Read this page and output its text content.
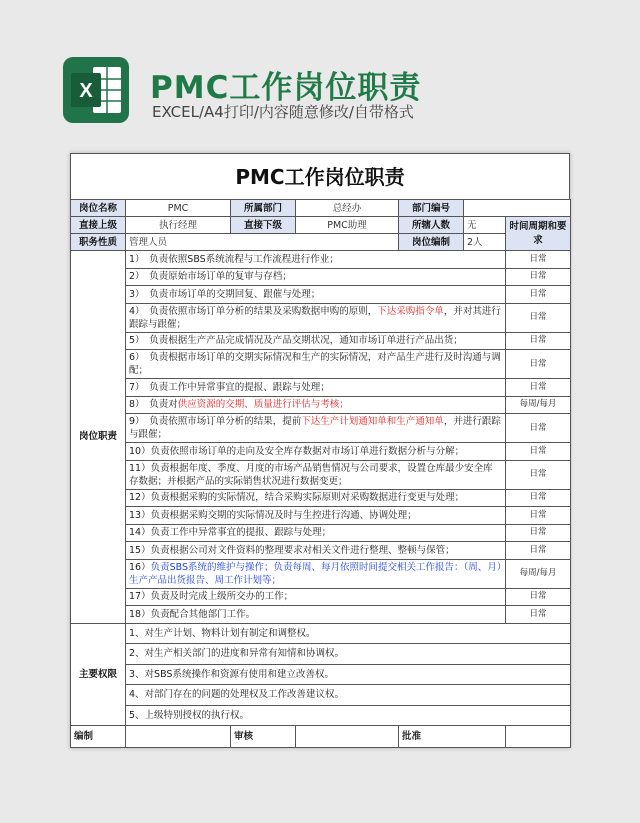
X PMC工作岗位职责
EXCEL/A4打印/内容随意修改/自带格式
PMC工作岗位职责
岗位名称	PMC	所属部门	总经办	部门编号		
直接上级	执行经理	直接下级	PMC助理	所辖人数	无	时间周期和要求
职务性质	管理人员			岗位编制	2人	
岗位职责	1）　负责依照SBS系统流程与工作流程进行作业；					日常
	2）　负责原始市场订单的复审与存档；					日常
	3）　负责市场订单的交期回复、跟催与处理；					日常
	4）　负责依照市场订单分析的结果及采购数据申购的原则，下达采购指令单，并对其进行跟踪与跟催；					日常
	5）　负责根据生产产品完成情况及产品交期状况，通知市场订单进行产品出货；					日常
	6）　负责根据市场订单的交期实际情况和生产的实际情况，对产品生产进行及时沟通与调配；					日常
	7）　负责工作中异常事宜的提报、跟踪与处理；					日常
	8）　负责对供应资源的交期、质量进行评估与考核；					每周/每月
	9）　负责依照市场订单分析的结果，提前下达生产计划通知单和生产通知单，并进行跟踪与跟催；					日常
	10）负责依照市场订单的走向及安全库存数据对市场订单进行数据分析与分解；					日常
	11）负责根据年度、季度、月度的市场产品销售情况与公司要求，设置仓库最少安全库存数据；并根据产品的实际销售状况进行数据变更；					日常
	12）负责根据采购的实际情况，结合采购实际原则对采购数据进行变更与处理；					日常
	13）负责根据采购交期的实际情况及时与生控进行沟通、协调处理；					日常
	14）负责工作中异常事宜的提报、跟踪与处理；					日常
	15）负责根据公司对文件资料的整理要求对相关文件进行整理、整顿与保管；					日常
	16）负责SBS系统的维护与操作；负责每周、每月依照时间提交相关工作报告：（周、月）生产产品出货报告、周工作计划等；					每周/每月
	17）负责及时完成上级所交办的工作；					日常
	18）负责配合其他部门工作。					日常
主要权限	1、对生产计划、物料计划有制定和调整权。					
	2、对生产相关部门的进度和异常有知情和协调权。					
	3、对SBS系统操作和资源有使用和建立改善权。					
	4、对部门存在的问题的处理权及工作改善建议权。					
	5、上级特别授权的执行权。					
编制		审核		批准		
